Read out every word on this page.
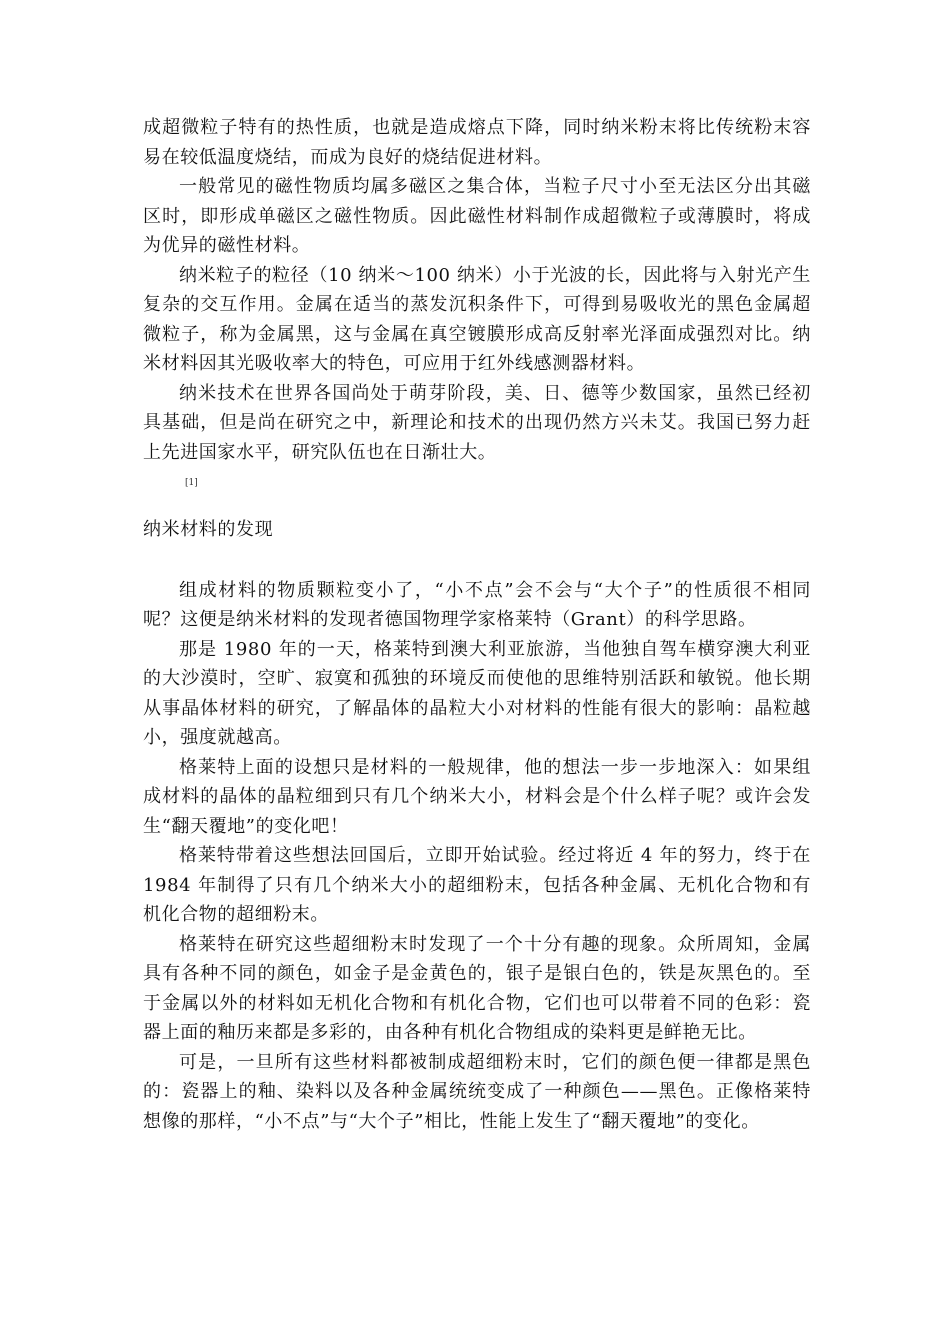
成超微粒子特有的热性质，也就是造成熔点下降，同时纳米粉末将比传统粉末容易在较低温度烧结，而成为良好的烧结促进材料。

一般常见的磁性物质均属多磁区之集合体，当粒子尺寸小至无法区分出其磁区时，即形成单磁区之磁性物质。因此磁性材料制作成超微粒子或薄膜时，将成为优异的磁性材料。

纳米粒子的粒径（10 纳米～100 纳米）小于光波的长，因此将与入射光产生复杂的交互作用。金属在适当的蒸发沉积条件下，可得到易吸收光的黑色金属超微粒子，称为金属黑，这与金属在真空镀膜形成高反射率光泽面成强烈对比。纳米材料因其光吸收率大的特色，可应用于红外线感测器材料。

纳米技术在世界各国尚处于萌芽阶段，美、日、德等少数国家，虽然已经初具基础，但是尚在研究之中，新理论和技术的出现仍然方兴未艾。我国已努力赶上先进国家水平，研究队伍也在日渐壮大。

[1]
纳米材料的发现

组成材料的物质颗粒变小了，“小不点”会不会与“大个子”的性质很不相同呢？这便是纳米材料的发现者德国物理学家格莱特（Grant）的科学思路。

那是 1980 年的一天，格莱特到澳大利亚旅游，当他独自驾车横穿澳大利亚的大沙漠时，空旷、寂寞和孤独的环境反而使他的思维特别活跃和敏锐。他长期从事晶体材料的研究，了解晶体的晶粒大小对材料的性能有很大的影响：晶粒越小，强度就越高。

格莱特上面的设想只是材料的一般规律，他的想法一步一步地深入：如果组成材料的晶体的晶粒细到只有几个纳米大小，材料会是个什么样子呢？或许会发生“翻天覆地”的变化吧！

格莱特带着这些想法回国后，立即开始试验。经过将近 4 年的努力，终于在 1984 年制得了只有几个纳米大小的超细粉末，包括各种金属、无机化合物和有机化合物的超细粉末。

格莱特在研究这些超细粉末时发现了一个十分有趣的现象。众所周知，金属具有各种不同的颜色，如金子是金黄色的，银子是银白色的，铁是灰黑色的。至于金属以外的材料如无机化合物和有机化合物，它们也可以带着不同的色彩：瓷器上面的釉历来都是多彩的，由各种有机化合物组成的染料更是鲜艳无比。

可是，一旦所有这些材料都被制成超细粉末时，它们的颜色便一律都是黑色的：瓷器上的釉、染料以及各种金属统统变成了一种颜色——黑色。正像格莱特想像的那样，“小不点”与“大个子”相比，性能上发生了“翻天覆地”的变化。
